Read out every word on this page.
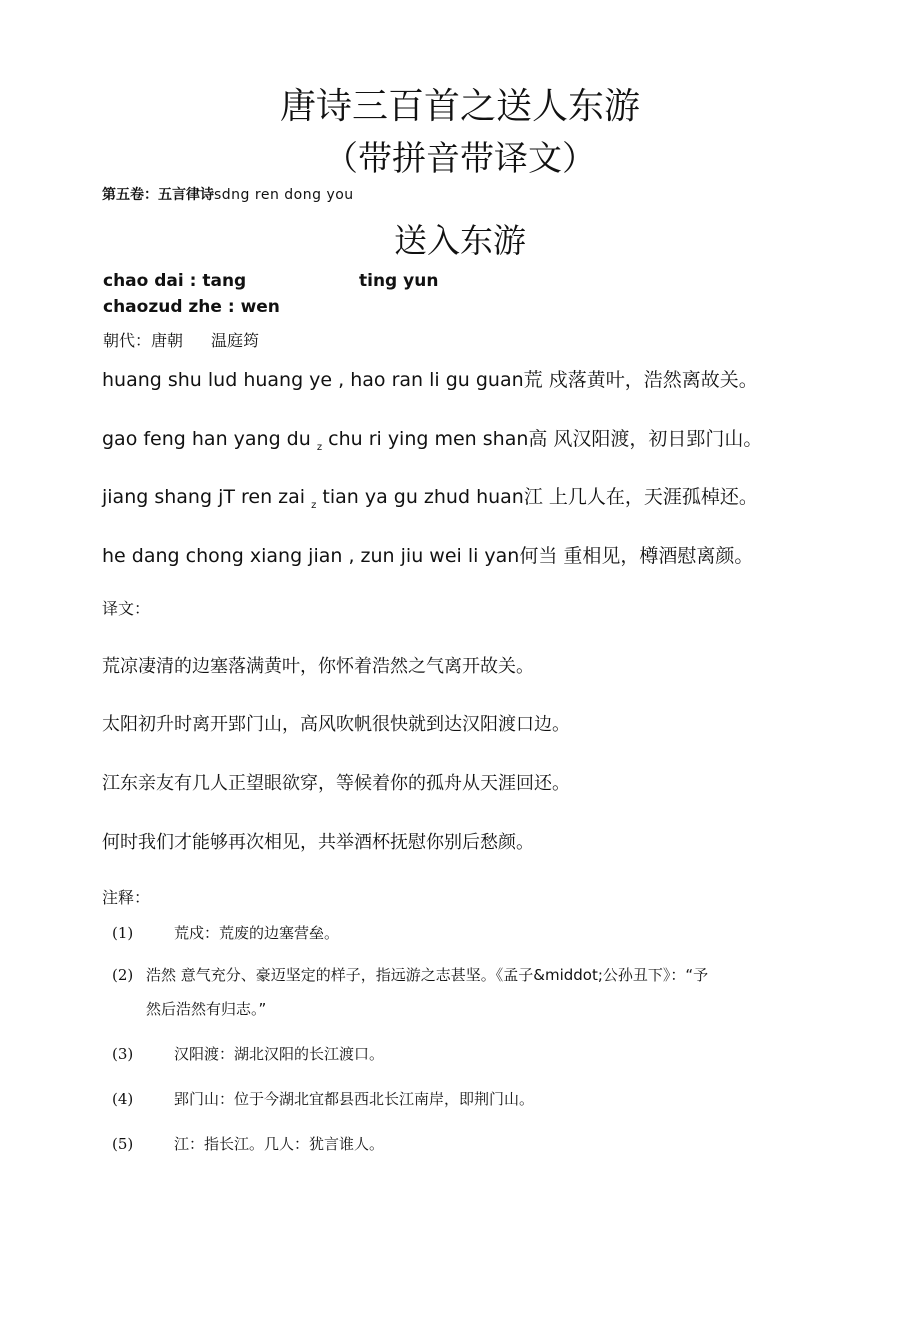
唐诗三百首之送人东游
（带拼音带译文）
第五卷：五言律诗sdng ren dong you
送入东游
chao dai : tang	ting yun
chaozud zhe : wen
朝代：唐朝 温庭筠
huang shu lud huang ye , hao ran li gu guan荒 戍落黄叶，浩然离故关。
gao feng han yang du $_z$ chu ri ying men shan高 风汉阳渡，初日郢门山。
jiang shang jT ren zai $_z$ tian ya gu zhud huan江 上几人在，天涯孤棹还。
he dang chong xiang jian , zun jiu wei li yan何当 重相见，樽酒慰离颜。
译文：
荒凉凄清的边塞落满黄叶，你怀着浩然之气离开故关。
太阳初升时离开郢门山，高风吹帆很快就到达汉阳渡口边。
江东亲友有几人正望眼欲穿，等候着你的孤舟从天涯回还。
何时我们才能够再次相见，共举酒杯抚慰你别后愁颜。
注释：
(1)	荒戍：荒废的边塞营垒。
(2) 浩然 意气充分、豪迈坚定的样子，指远游之志甚坚。《孟子&middot;公孙丑下》：“予
然后浩然有归志。”
(3)	汉阳渡：湖北汉阳的长江渡口。
(4)	郢门山：位于今湖北宜都县西北长江南岸，即荆门山。
(5)	江：指长江。几人：犹言谁人。
